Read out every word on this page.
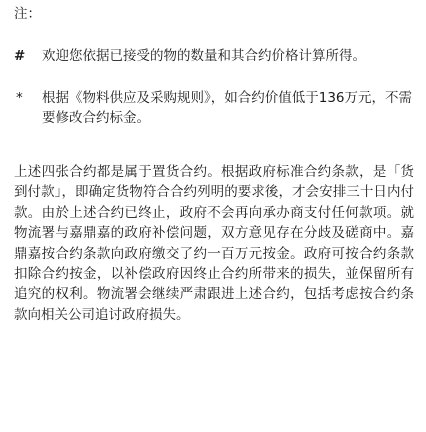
注：

#	欢迎您依据已接受的物的数量和其合约价格计算所得。
*	根据《物料供应及采购规则》，如合约价值低于136万元，不需要修改合约标金。
上述四张合约都是属于置货合约。根据政府标准合约条款，是「货到付款」，即确定货物符合合约列明的要求後，才会安排三十日内付款。由於上述合约已终止，政府不会再向承办商支付任何款项。就物流署与嘉鼎嘉的政府补偿问题，双方意见存在分歧及磋商中。嘉鼎嘉按合约条款向政府缴交了约一百万元按金。政府可按合约条款扣除合约按金，以补偿政府因终止合约所带来的损失，並保留所有追究的权利。物流署会继续严肃跟进上述合约，包括考虑按合约条款向相关公司追讨政府损失。
